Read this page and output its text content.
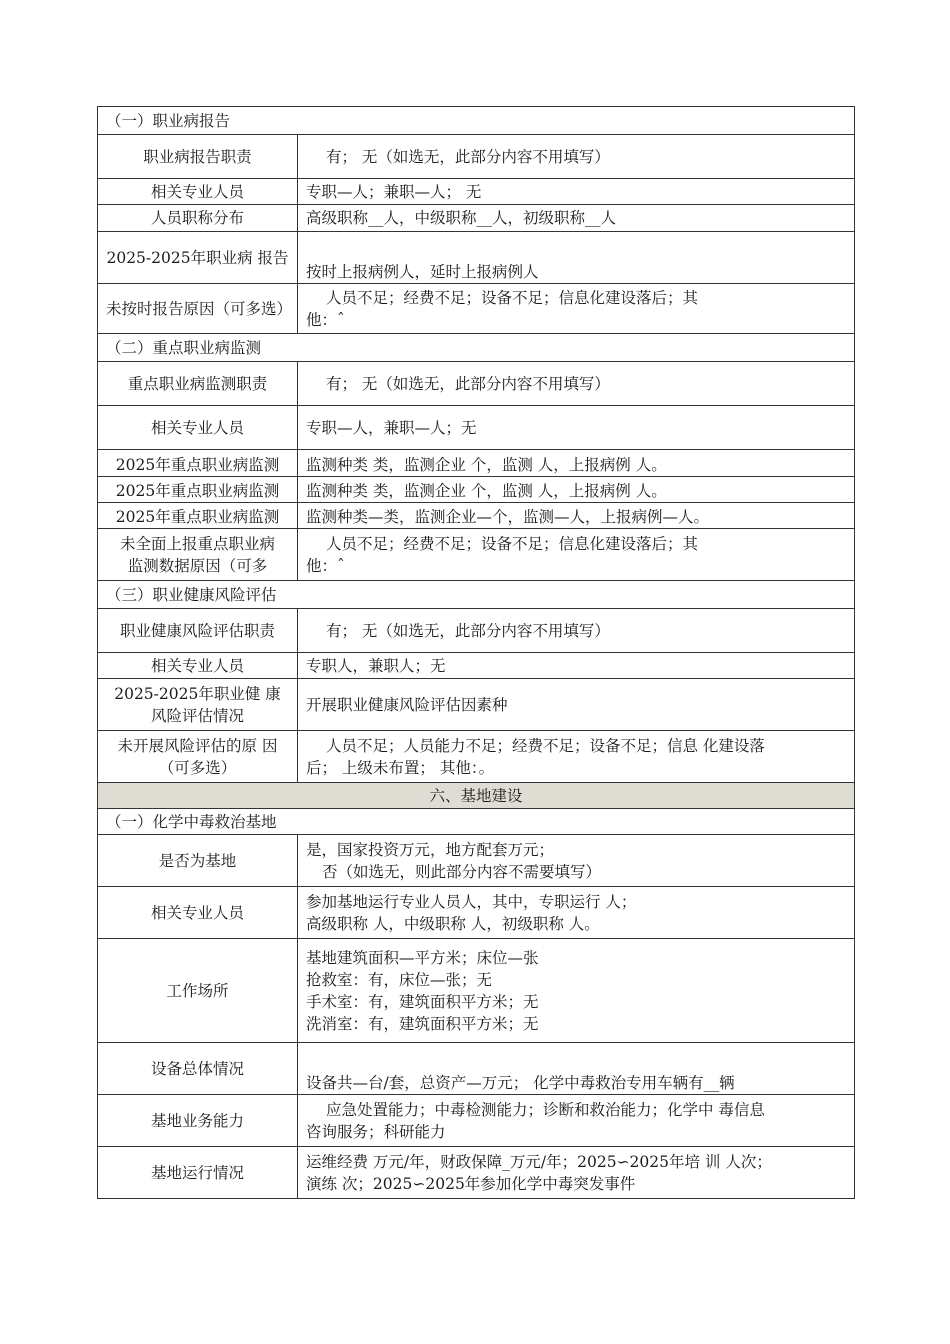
（一）职业病报告	
职业病报告职责	有； 无（如选无，此部分内容不用填写）
相关专业人员	专职—人；兼职—人； 无
人员职称分布	高级职称__人，中级职称__人，初级职称__人
2025-2025年职业病 报告	按时上报病例人，延时上报病例人
未按时报告原因（可多选）	人员不足；经费不足；设备不足；信息化建设落后；其
他：ˆ

（二）重点职业病监测	
重点职业病监测职责	有； 无（如选无，此部分内容不用填写）
相关专业人员	专职—人，兼职—人；无
2025年重点职业病监测	监测种类 类，监测企业 个，监测 人，上报病例 人。
2025年重点职业病监测	监测种类 类，监测企业 个，监测 人，上报病例 人。
2025年重点职业病监测	监测种类—类，监测企业—个，监测—人，上报病例—人。

未全面上报重点职业病
监测数据原因（可多	人员不足；经费不足；设备不足；信息化建设落后；其
他：ˆ

（三）职业健康风险评估	
职业健康风险评估职责	有； 无（如选无，此部分内容不用填写）
相关专业人员	专职人，兼职人；无

2025-2025年职业健 康
风险评估情况	开展职业健康风险评估因素种

未开展风险评估的原 因
（可多选）	人员不足；人员能力不足；经费不足；设备不足；信息 化建设落
后； 上级未布置； 其他：。

六、基地建设	
（一）化学中毒救治基地	
是否为基地	是，国家投资万元，地方配套万元；
否（如选无，则此部分内容不需要填写）

相关专业人员	参加基地运行专业人员人，其中，专职运行 人；
高级职称 人，中级职称 人，初级职称 人。

工作场所	基地建筑面积—平方米；床位—张
抢救室：有，床位—张；无
手术室：有，建筑面积平方米；无
洗消室：有，建筑面积平方米；无

设备总体情况	设备共—台/套，总资产—万元； 化学中毒救治专用车辆有__辆
基地业务能力	应急处置能力；中毒检测能力；诊断和救治能力；化学中 毒信息
咨询服务；科研能力

基地运行情况	运维经费 万元/年，财政保障_万元/年；2025∽2025年培 训 人次；
演练 次；2025∽2025年参加化学中毒突发事件
